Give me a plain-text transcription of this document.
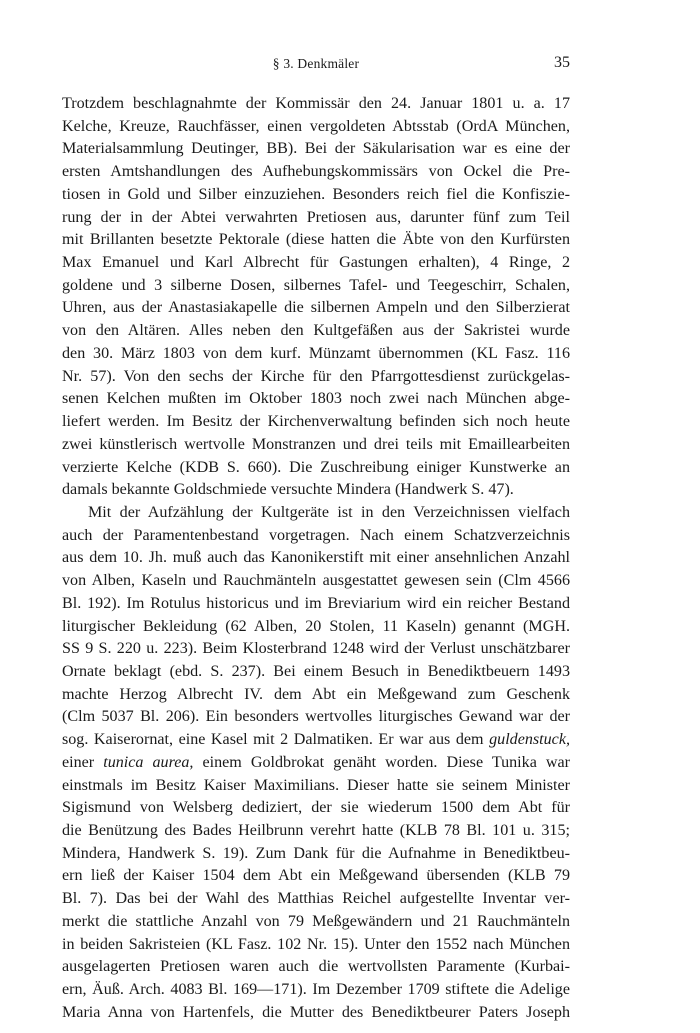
§ 3. Denkmäler	35
Trotzdem beschlagnahmte der Kommissär den 24. Januar 1801 u. a. 17
Kelche, Kreuze, Rauchfässer, einen vergoldeten Abtsstab (OrdA München,
Materialsammlung Deutinger, BB). Bei der Säkularisation war es eine der
ersten Amtshandlungen des Aufhebungskommissärs von Ockel die Pre-
tiosen in Gold und Silber einzuziehen. Besonders reich fiel die Konfiszie-
rung der in der Abtei verwahrten Pretiosen aus, darunter fünf zum Teil
mit Brillanten besetzte Pektorale (diese hatten die Äbte von den Kurfürsten
Max Emanuel und Karl Albrecht für Gastungen erhalten), 4 Ringe, 2
goldene und 3 silberne Dosen, silbernes Tafel- und Teegeschirr, Schalen,
Uhren, aus der Anastasiakapelle die silbernen Ampeln und den Silberzierat
von den Altären. Alles neben den Kultgefäßen aus der Sakristei wurde
den 30. März 1803 von dem kurf. Münzamt übernommen (KL Fasz. 116
Nr. 57). Von den sechs der Kirche für den Pfarrgottesdienst zurückgelas-
senen Kelchen mußten im Oktober 1803 noch zwei nach München abge-
liefert werden. Im Besitz der Kirchenverwaltung befinden sich noch heute
zwei künstlerisch wertvolle Monstranzen und drei teils mit Emaillearbeiten
verzierte Kelche (KDB S. 660). Die Zuschreibung einiger Kunstwerke an
damals bekannte Goldschmiede versuchte Mindera (Handwerk S. 47).
Mit der Aufzählung der Kultgeräte ist in den Verzeichnissen vielfach
auch der Paramentenbestand vorgetragen. Nach einem Schatzverzeichnis
aus dem 10. Jh. muß auch das Kanonikerstift mit einer ansehnlichen Anzahl
von Alben, Kaseln und Rauchmänteln ausgestattet gewesen sein (Clm 4566
Bl. 192). Im Rotulus historicus und im Breviarium wird ein reicher Bestand
liturgischer Bekleidung (62 Alben, 20 Stolen, 11 Kaseln) genannt (MGH.
SS 9 S. 220 u. 223). Beim Klosterbrand 1248 wird der Verlust unschätzbarer
Ornate beklagt (ebd. S. 237). Bei einem Besuch in Benediktbeuern 1493
machte Herzog Albrecht IV. dem Abt ein Meßgewand zum Geschenk
(Clm 5037 Bl. 206). Ein besonders wertvolles liturgisches Gewand war der
sog. Kaiserornat, eine Kasel mit 2 Dalmatiken. Er war aus dem guldenstuck,
einer tunica aurea, einem Goldbrokat genäht worden. Diese Tunika war
einstmals im Besitz Kaiser Maximilians. Dieser hatte sie seinem Minister
Sigismund von Welsberg dediziert, der sie wiederum 1500 dem Abt für
die Benützung des Bades Heilbrunn verehrt hatte (KLB 78 Bl. 101 u. 315;
Mindera, Handwerk S. 19). Zum Dank für die Aufnahme in Benediktbeu-
ern ließ der Kaiser 1504 dem Abt ein Meßgewand übersenden (KLB 79
Bl. 7). Das bei der Wahl des Matthias Reichel aufgestellte Inventar ver-
merkt die stattliche Anzahl von 79 Meßgewändern und 21 Rauchmänteln
in beiden Sakristeien (KL Fasz. 102 Nr. 15). Unter den 1552 nach München
ausgelagerten Pretiosen waren auch die wertvollsten Paramente (Kurbai-
ern, Äuß. Arch. 4083 Bl. 169—171). Im Dezember 1709 stiftete die Adelige
Maria Anna von Hartenfels, die Mutter des Benediktbeurer Paters Joseph
